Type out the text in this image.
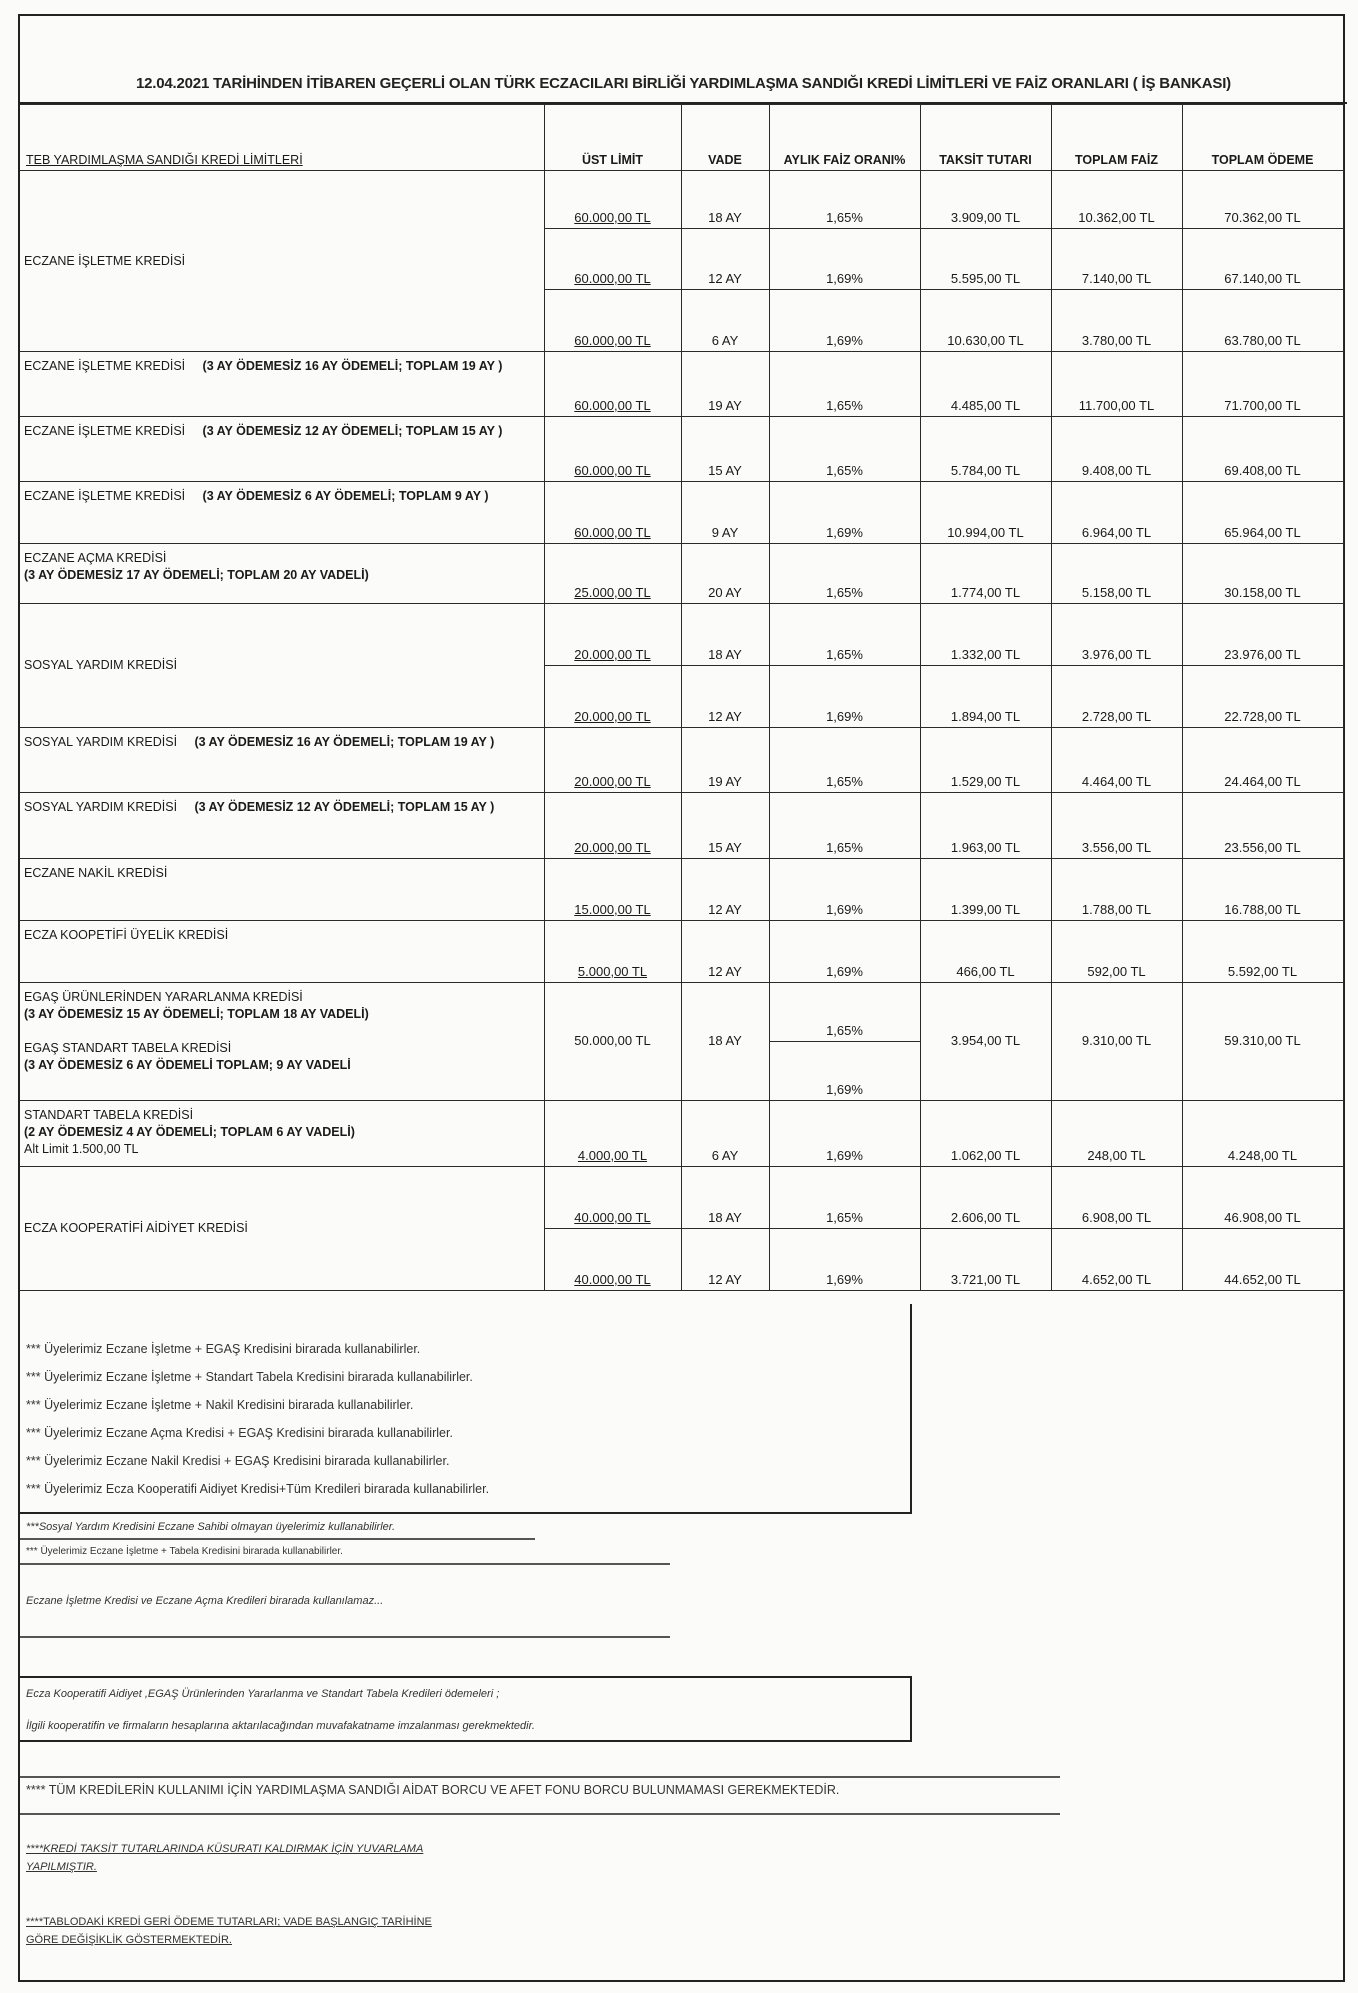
12.04.2021 TARİHİNDEN İTİBAREN GEÇERLİ OLAN TÜRK ECZACILARI BİRLİĞİ YARDIMLAŞMA SANDIĞI KREDİ LİMİTLERİ VE FAİZ ORANLARI ( İŞ BANKASI)
TEB YARDIMLAŞMA SANDIĞI KREDİ LİMİTLERİ	ÜST LİMİT	VADE	AYLIK FAİZ ORANI%	TAKSİT TUTARI	TOPLAM FAİZ	TOPLAM ÖDEME
ECZANE İŞLETME KREDİSİ	60.000,00 TL	18 AY	1,65%	3.909,00 TL	10.362,00 TL	70.362,00 TL
	60.000,00 TL	12 AY	1,69%	5.595,00 TL	7.140,00 TL	67.140,00 TL
	60.000,00 TL	6 AY	1,69%	10.630,00 TL	3.780,00 TL	63.780,00 TL
ECZANE İŞLETME KREDİSİ (3 AY ÖDEMESİZ 16 AY ÖDEMELİ; TOPLAM 19 AY )	60.000,00 TL	19 AY	1,65%	4.485,00 TL	11.700,00 TL	71.700,00 TL
ECZANE İŞLETME KREDİSİ (3 AY ÖDEMESİZ 12 AY ÖDEMELİ; TOPLAM 15 AY )	60.000,00 TL	15 AY	1,65%	5.784,00 TL	9.408,00 TL	69.408,00 TL
ECZANE İŞLETME KREDİSİ (3 AY ÖDEMESİZ 6 AY ÖDEMELİ; TOPLAM 9 AY )	60.000,00 TL	9 AY	1,69%	10.994,00 TL	6.964,00 TL	65.964,00 TL
ECZANE AÇMA KREDİSİ
(3 AY ÖDEMESİZ 17 AY ÖDEMELİ; TOPLAM 20 AY VADELİ)	25.000,00 TL	20 AY	1,65%	1.774,00 TL	5.158,00 TL	30.158,00 TL
SOSYAL YARDIM KREDİSİ	20.000,00 TL	18 AY	1,65%	1.332,00 TL	3.976,00 TL	23.976,00 TL
	20.000,00 TL	12 AY	1,69%	1.894,00 TL	2.728,00 TL	22.728,00 TL
SOSYAL YARDIM KREDİSİ (3 AY ÖDEMESİZ 16 AY ÖDEMELİ; TOPLAM 19 AY )	20.000,00 TL	19 AY	1,65%	1.529,00 TL	4.464,00 TL	24.464,00 TL
SOSYAL YARDIM KREDİSİ (3 AY ÖDEMESİZ 12 AY ÖDEMELİ; TOPLAM 15 AY )	20.000,00 TL	15 AY	1,65%	1.963,00 TL	3.556,00 TL	23.556,00 TL
ECZANE NAKİL KREDİSİ	15.000,00 TL	12 AY	1,69%	1.399,00 TL	1.788,00 TL	16.788,00 TL
ECZA KOOPETİFİ ÜYELİK KREDİSİ	5.000,00 TL	12 AY	1,69%	466,00 TL	592,00 TL	5.592,00 TL
EGAŞ ÜRÜNLERİNDEN YARARLANMA KREDİSİ
(3 AY ÖDEMESİZ 15 AY ÖDEMELİ; TOPLAM 18 AY VADELİ)

EGAŞ STANDART TABELA KREDİSİ
(3 AY ÖDEMESİZ 6 AY ÖDEMELİ TOPLAM; 9 AY VADELİ	50.000,00 TL	18 AY	1,65%	3.954,00 TL	9.310,00 TL	59.310,00 TL
			1,69%			
STANDART TABELA KREDİSİ
(2 AY ÖDEMESİZ 4 AY ÖDEMELİ; TOPLAM 6 AY VADELİ)
Alt Limit 1.500,00 TL	4.000,00 TL	6 AY	1,69%	1.062,00 TL	248,00 TL	4.248,00 TL
ECZA KOOPERATİFİ AİDİYET KREDİSİ	40.000,00 TL	18 AY	1,65%	2.606,00 TL	6.908,00 TL	46.908,00 TL
	40.000,00 TL	12 AY	1,69%	3.721,00 TL	4.652,00 TL	44.652,00 TL
*** Üyelerimiz Eczane İşletme + EGAŞ Kredisini birarada kullanabilirler.
*** Üyelerimiz Eczane İşletme + Standart Tabela Kredisini birarada kullanabilirler.
*** Üyelerimiz Eczane İşletme + Nakil Kredisini birarada kullanabilirler.
*** Üyelerimiz Eczane Açma Kredisi + EGAŞ Kredisini birarada kullanabilirler.
*** Üyelerimiz Eczane Nakil Kredisi + EGAŞ Kredisini birarada kullanabilirler.
*** Üyelerimiz Ecza Kooperatifi Aidiyet Kredisi+Tüm Kredileri birarada kullanabilirler.
***Sosyal Yardım Kredisini Eczane Sahibi olmayan üyelerimiz kullanabilirler.
*** Üyelerimiz Eczane İşletme + Tabela Kredisini birarada kullanabilirler.
Eczane İşletme Kredisi ve Eczane Açma Kredileri birarada kullanılamaz...
Ecza Kooperatifi Aidiyet ,EGAŞ Ürünlerinden Yararlanma ve Standart Tabela Kredileri ödemeleri ;
İlgili kooperatifin ve firmaların hesaplarına aktarılacağından muvafakatname imzalanması gerekmektedir.
**** TÜM KREDİLERİN KULLANIMI İÇİN YARDIMLAŞMA SANDIĞI AİDAT BORCU VE AFET FONU BORCU BULUNMAMASI GEREKMEKTEDİR.
****KREDİ TAKSİT TUTARLARINDA KÜSURATI KALDIRMAK İÇİN YUVARLAMA
YAPILMIŞTIR.
****TABLODAKİ KREDİ GERİ ÖDEME TUTARLARI; VADE BAŞLANGIÇ TARİHİNE
GÖRE DEĞİŞİKLİK GÖSTERMEKTEDİR.
